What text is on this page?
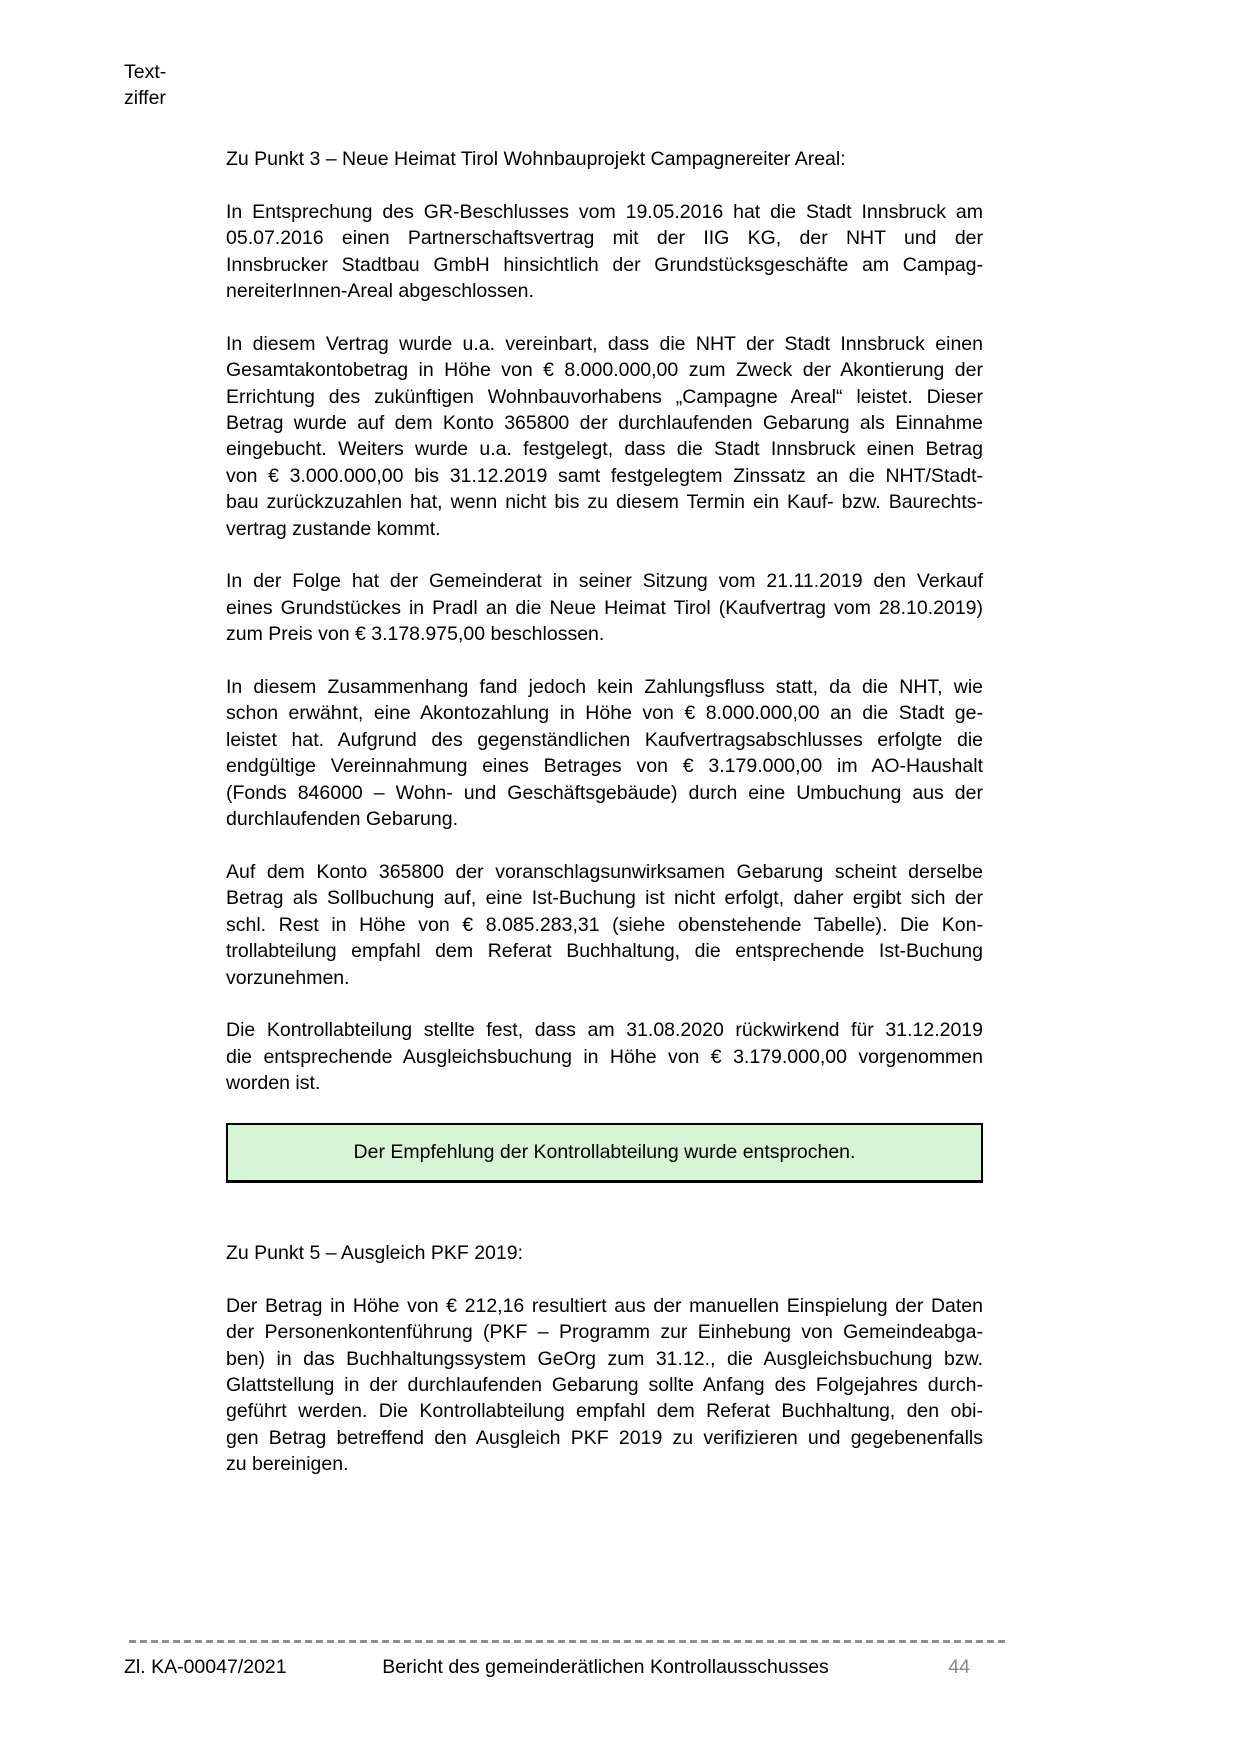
Text-
ziffer
Zu Punkt 3 – Neue Heimat Tirol Wohnbauprojekt Campagnereiter Areal:

In Entsprechung des GR-Beschlusses vom 19.05.2016 hat die Stadt Innsbruck am
05.07.2016 einen Partnerschaftsvertrag mit der IIG KG, der NHT und der
Innsbrucker Stadtbau GmbH hinsichtlich der Grundstücksgeschäfte am Campag-
nereiterInnen-Areal abgeschlossen.

In diesem Vertrag wurde u.a. vereinbart, dass die NHT der Stadt Innsbruck einen
Gesamtakontobetrag in Höhe von € 8.000.000,00 zum Zweck der Akontierung der
Errichtung des zukünftigen Wohnbauvorhabens „Campagne Areal“ leistet. Dieser
Betrag wurde auf dem Konto 365800 der durchlaufenden Gebarung als Einnahme
eingebucht. Weiters wurde u.a. festgelegt, dass die Stadt Innsbruck einen Betrag
von € 3.000.000,00 bis 31.12.2019 samt festgelegtem Zinssatz an die NHT/Stadt-
bau zurückzuzahlen hat, wenn nicht bis zu diesem Termin ein Kauf- bzw. Baurechts-
vertrag zustande kommt.

In der Folge hat der Gemeinderat in seiner Sitzung vom 21.11.2019 den Verkauf
eines Grundstückes in Pradl an die Neue Heimat Tirol (Kaufvertrag vom 28.10.2019)
zum Preis von € 3.178.975,00 beschlossen.

In diesem Zusammenhang fand jedoch kein Zahlungsfluss statt, da die NHT, wie
schon erwähnt, eine Akontozahlung in Höhe von € 8.000.000,00 an die Stadt ge-
leistet hat. Aufgrund des gegenständlichen Kaufvertragsabschlusses erfolgte die
endgültige Vereinnahmung eines Betrages von € 3.179.000,00 im AO-Haushalt
(Fonds 846000 – Wohn- und Geschäftsgebäude) durch eine Umbuchung aus der
durchlaufenden Gebarung.

Auf dem Konto 365800 der voranschlagsunwirksamen Gebarung scheint derselbe
Betrag als Sollbuchung auf, eine Ist-Buchung ist nicht erfolgt, daher ergibt sich der
schl. Rest in Höhe von € 8.085.283,31 (siehe obenstehende Tabelle). Die Kon-
trollabteilung empfahl dem Referat Buchhaltung, die entsprechende Ist-Buchung
vorzunehmen.

Die Kontrollabteilung stellte fest, dass am 31.08.2020 rückwirkend für 31.12.2019
die entsprechende Ausgleichsbuchung in Höhe von € 3.179.000,00 vorgenommen
worden ist.

Der Empfehlung der Kontrollabteilung wurde entsprochen.
Zu Punkt 5 – Ausgleich PKF 2019:

Der Betrag in Höhe von € 212,16 resultiert aus der manuellen Einspielung der Daten
der Personenkontenführung (PKF – Programm zur Einhebung von Gemeindeabga-
ben) in das Buchhaltungssystem GeOrg zum 31.12., die Ausgleichsbuchung bzw.
Glattstellung in der durchlaufenden Gebarung sollte Anfang des Folgejahres durch-
geführt werden. Die Kontrollabteilung empfahl dem Referat Buchhaltung, den obi-
gen Betrag betreffend den Ausgleich PKF 2019 zu verifizieren und gegebenenfalls
zu bereinigen.

Zl. KA-00047/2021	Bericht des gemeinderätlichen Kontrollausschusses	44
